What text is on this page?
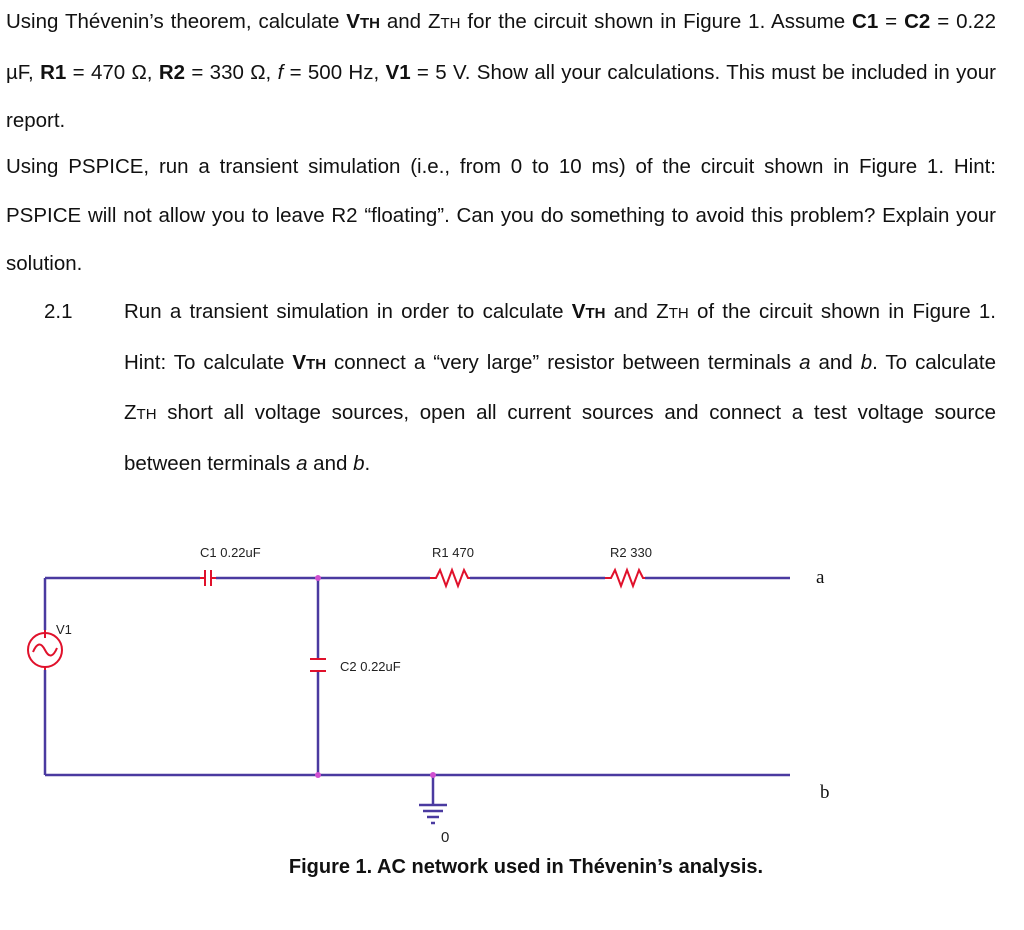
Using Thévenin’s theorem, calculate VTH and ZTH for the circuit shown in Figure 1. Assume C1 = C2 = 0.22 µF, R1 = 470 Ω, R2 = 330 Ω, f = 500 Hz, V1 = 5 V. Show all your calculations. This must be included in your report.
Using PSPICE, run a transient simulation (i.e., from 0 to 10 ms) of the circuit shown in Figure 1. Hint: PSPICE will not allow you to leave R2 “floating”. Can you do something to avoid this problem? Explain your solution.
2.1	Run a transient simulation in order to calculate VTH and ZTH of the circuit shown in Figure 1. Hint: To calculate VTH connect a “very large” resistor between terminals a and b. To calculate ZTH short all voltage sources, open all current sources and connect a test voltage source between terminals a and b.
C1 0.22uF	R1 470	R2 330
C2 0.22uF
V1
a
b
0
Figure 1. AC network used in Thévenin’s analysis.
